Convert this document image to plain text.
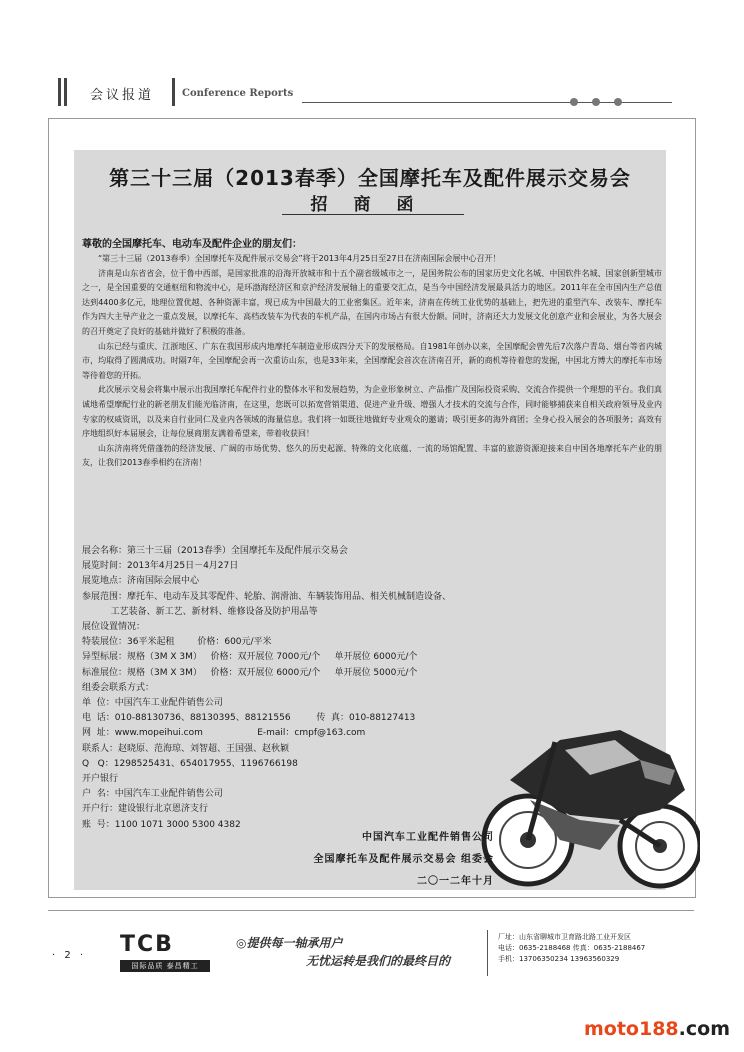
会议报道	Conference Reports
第三十三届（2013春季）全国摩托车及配件展示交易会
招商函
尊敬的全国摩托车、电动车及配件企业的朋友们：

“第三十三届（2013春季）全国摩托车及配件展示交易会”将于2013年4月25日至27日在济南国际会展中心召开！

济南是山东省省会，位于鲁中西部，是国家批准的沿海开放城市和十五个副省级城市之一，是国务院公布的国家历史文化名城、中国软件名城、国家创新型城市之一，是全国重要的交通枢纽和物流中心，是环渤海经济区和京沪经济发展轴上的重要交汇点，是当今中国经济发展最具活力的地区。2011年在全市国内生产总值达到4400多亿元，地理位置优越、各种资源丰富，现已成为中国最大的工业密集区。近年来，济南在传统工业优势的基础上，把先进的重型汽车、改装车、摩托车作为四大主导产业之一重点发展，以摩托车、高档改装车为代表的车机产品，在国内市场占有很大份额。同时，济南还大力发展文化创意产业和会展业，为各大展会的召开奠定了良好的基础并做好了积极的准备。

山东已经与重庆、江浙地区、广东在我国形成内地摩托车制造业形成四分天下的发展格局。自1981年创办以来，全国摩配会曾先后7次落户青岛、烟台等省内城市，均取得了圆满成功。时隔7年，全国摩配会再一次重访山东，也是33年来，全国摩配会首次在济南召开，新的商机等待着您的发掘，中国北方博大的摩托车市场等待着您的开拓。

此次展示交易会将集中展示出我国摩托车配件行业的整体水平和发展趋势，为企业形象树立、产品推广及国际投资采购、交流合作提供一个理想的平台。我们真诚地希望摩配行业的新老朋友们能光临济南，在这里，您既可以拓宽营销渠道、促进产业升级、增强人才技术的交流与合作，同时能够捕获来自相关政府领导及业内专家的权威资讯，以及来自行业同仁及业内各领域的海量信息。我们将一如既往地做好专业观众的邀请；吸引更多的海外商团；全身心投入展会的各项服务；高效有序地组织好本届展会，让每位展商朋友满着希望来，带着收获回！

山东济南将凭借蓬勃的经济发展、广阔的市场优势、悠久的历史起源、特殊的文化底蕴、一流的场馆配置、丰富的旅游资源迎接来自中国各地摩托车产业的朋友，让我们2013春季相约在济南！

展会名称：第三十三届（2013春季）全国摩托车及配件展示交易会
展览时间：2013年4月25日－4月27日
展览地点：济南国际会展中心
参展范围：摩托车、电动车及其零配件、轮胎、润滑油、车辆装饰用品、相关机械制造设备、
工艺装备、新工艺、新材料、维修设备及防护用品等
展位设置情况：
特装展位：36平米起租        价格：600元/平米
异型标展：规格（3M X 3M）   价格：双开展位 7000元/个     单开展位 6000元/个
标准展位：规格（3M X 3M）   价格：双开展位 6000元/个     单开展位 5000元/个
组委会联系方式：
单  位：中国汽车工业配件销售公司
电  话：010-88130736、88130395、88121556         传  真：010-88127413
网  址：www.mopeihui.com                   E-mail：cmpf@163.com
联系人：赵晓原、范海琼、刘智超、王国强、赵秋颖
Q   Q：1298525431、654017955、1196766198
开户银行
户  名：中国汽车工业配件销售公司
开户行：建设银行北京恩济支行
账  号：1100 1071 3000 5300 4382
中国汽车工业配件销售公司
全国摩托车及配件展示交易会 组委会
二〇一二年十月
· 2 · TCB
国际品质 泰昌精工
◎提供每一轴承用户
无忧运转是我们的最终目的
厂址：山东省聊城市卫育路北路工业开发区
电话：0635-2188468 传真：0635-2188467
手机：13706350234 13963560329
moto188.com
